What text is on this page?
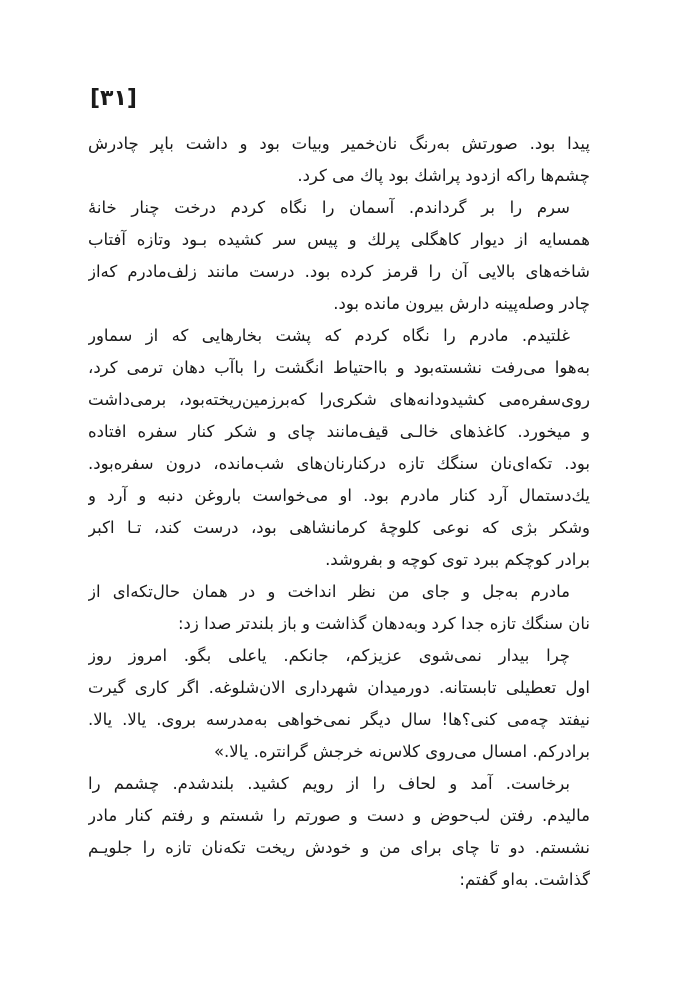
[۳۱]
پیدا بود. صورتش به‌رنگ نان‌خمیر وبیات بود و داشت باپر چادرش
چشم‌ها راکه ازدود پراشك بود پاك می کرد.
سرم را بر گرداندم. آسمان را نگاه کردم درخت چنار خانهٔ
همسایه از دیوار کاهگلی پرلك و پیس سر کشیده بـود وتازه آفتاب
شاخه‌های بالایی آن را قرمز کرده بود. درست مانند زلف‌مادرم که‌از
چادر وصله‌پینه دارش بیرون مانده بود.
غلتیدم. مادرم را نگاه کردم که پشت بخارهایی که از سماور
به‌هوا می‌رفت نشسته‌بود و بااحتیاط انگشت را باآب دهان ترمی کرد،
روی‌سفره‌می کشیدودانه‌های شکری‌را که‌برزمین‌ریخته‌بود، برمی‌داشت
و میخورد. کاغذهای خالـی قیف‌مانند چای و شکر کنار سفره افتاده
بود. تکه‌ای‌نان سنگك تازه درکنارنان‌های شب‌مانده، درون سفره‌بود.
یك‌دستمال آرد کنار مادرم بود. او می‌خواست باروغن دنبه و آرد و
وشکر بژی که نوعی کلوچهٔ کرمانشاهی بود، درست کند، تـا اکبر
برادر کوچکم ببرد توی کوچه و بفروشد.
مادرم به‌جل و جای من نظر انداخت و در همان حال‌تکه‌ای از
نان سنگك تازه جدا کرد وبه‌دهان گذاشت و باز بلندتر صدا زد:
چرا بیدار نمی‌شوی عزیزکم، جانکم. یاعلی بگو. امروز روز
اول تعطیلی تابستانه. دورمیدان شهرداری الان‌شلوغه. اگر کاری گیرت
نیفتد چه‌می کنی؟ها! سال دیگر نمی‌خواهی به‌مدرسه بروی. یالا. یالا.
برادرکم. امسال می‌روی کلاس‌نه خرجش گرانتره. یالا.»
برخاست. آمد و لحاف را از رویم کشید. بلندشدم. چشمم را
مالیدم. رفتن لب‌حوض و دست و صورتم را شستم و رفتم کنار مادر
نشستم. دو تا چای برای من و خودش ریخت تکه‌نان تازه را جلویـم
گذاشت. به‌او گفتم:
